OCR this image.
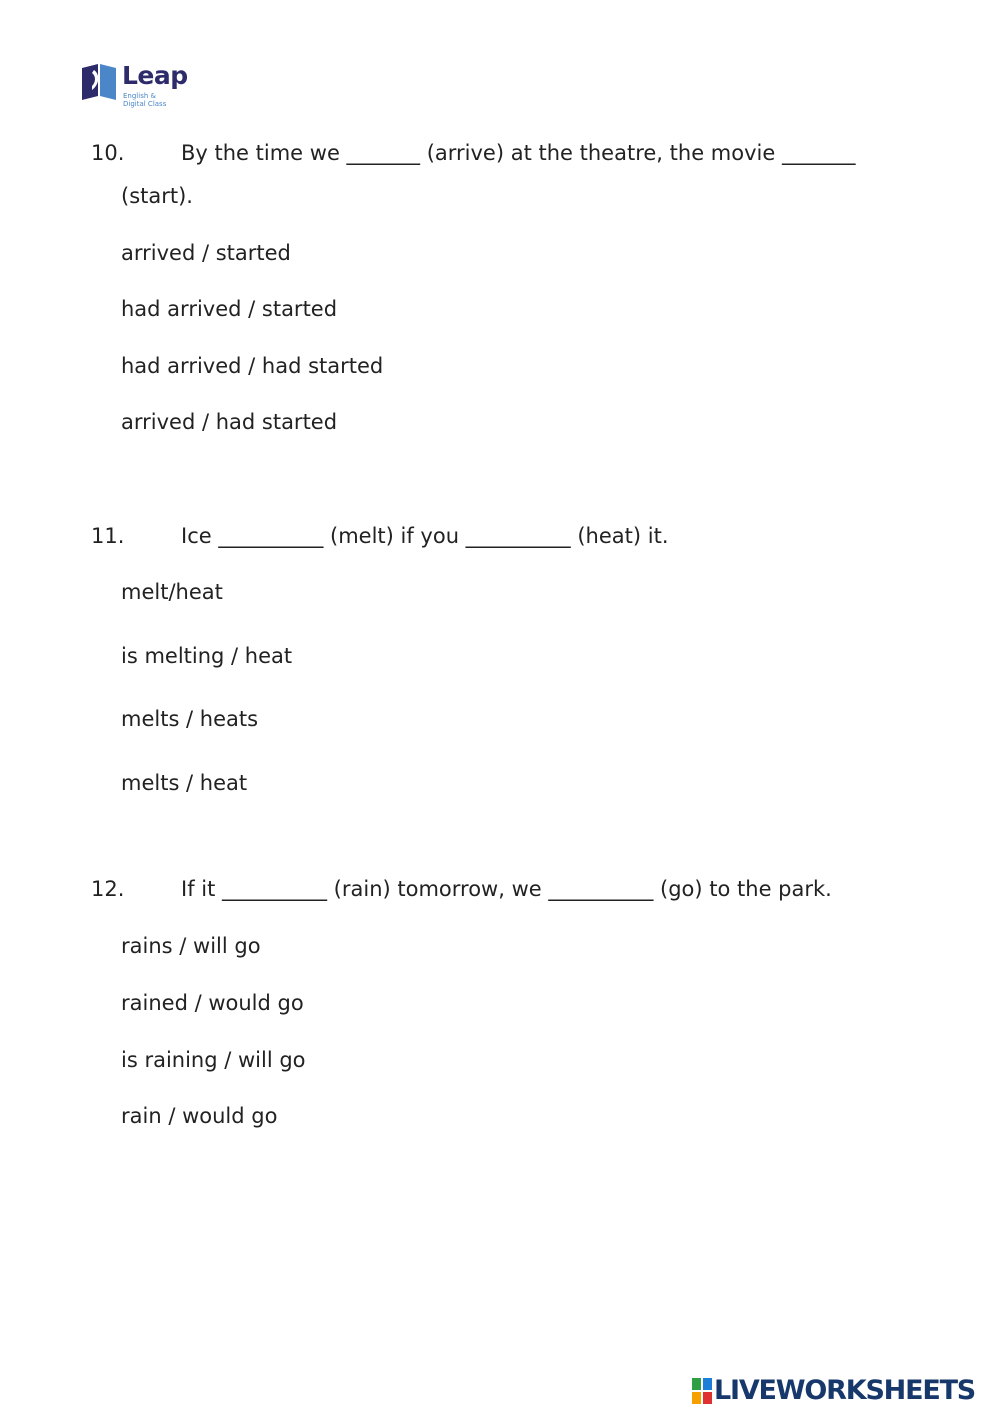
Leap
English &
Digital Class
10.	By the time we _______ (arrive) at the theatre, the movie _______
(start).
arrived / started
had arrived / started
had arrived / had started
arrived / had started
11.	Ice __________ (melt) if you __________ (heat) it.
melt/heat
is melting / heat
melts / heats
melts / heat
12.	If it __________ (rain) tomorrow, we __________ (go) to the park.
rains / will go
rained / would go
is raining / will go
rain / would go
LIVEWORKSHEETS
